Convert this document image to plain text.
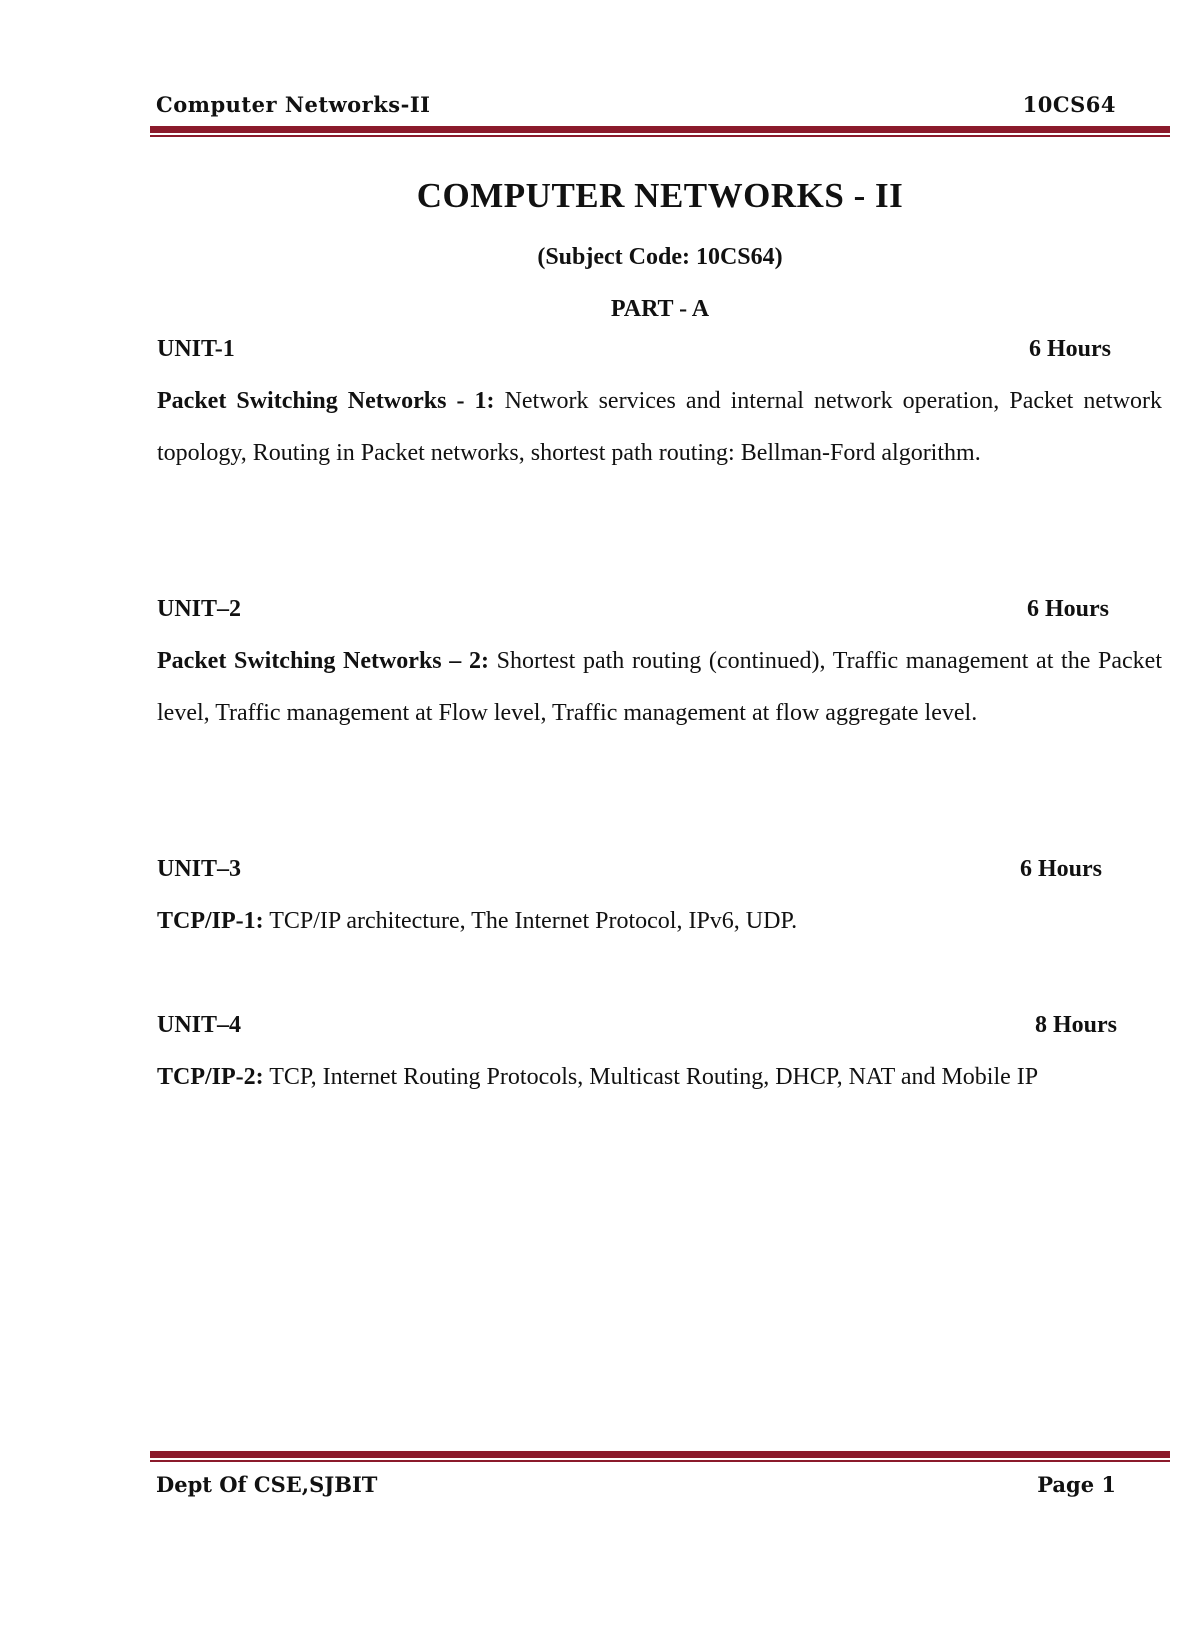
Computer Networks-II	10CS64
COMPUTER NETWORKS - II
(Subject Code: 10CS64)
PART - A
UNIT-1	6 Hours
Packet Switching Networks - 1: Network services and internal network operation, Packet network topology, Routing in Packet networks, shortest path routing: Bellman-Ford algorithm.
UNIT–2	6 Hours
Packet Switching Networks – 2: Shortest path routing (continued), Traffic management at the Packet level, Traffic management at Flow level, Traffic management at flow aggregate level.
UNIT–3	6 Hours
TCP/IP-1: TCP/IP architecture, The Internet Protocol, IPv6, UDP.
UNIT–4	8 Hours
TCP/IP-2: TCP, Internet Routing Protocols, Multicast Routing, DHCP, NAT and Mobile IP
Dept Of CSE,SJBIT	Page 1
